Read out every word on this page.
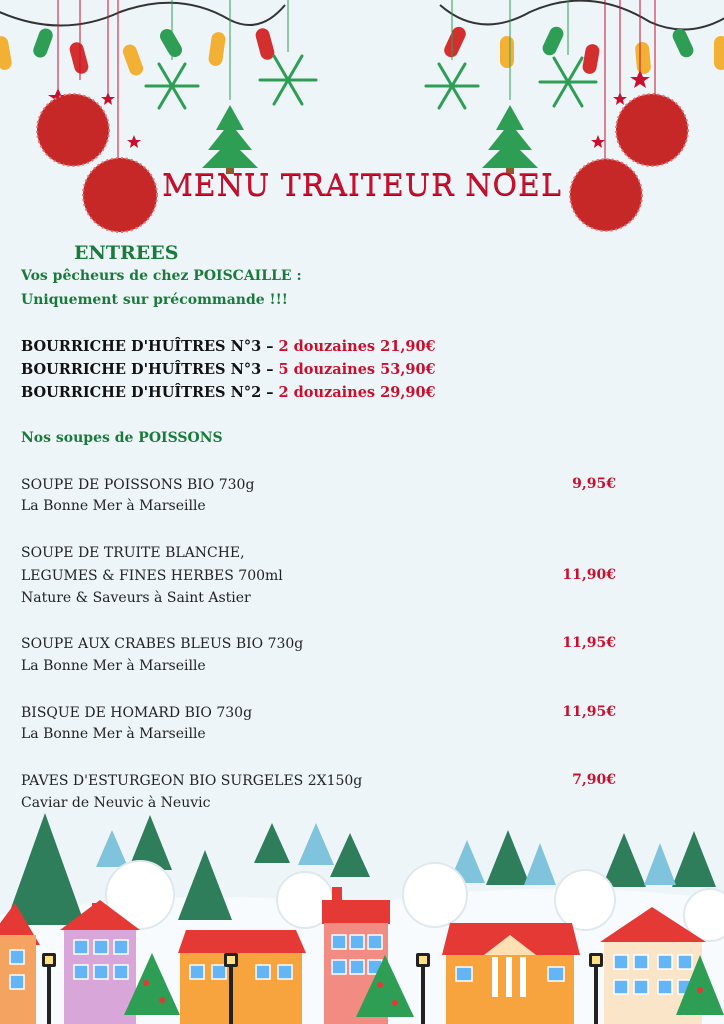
MENU TRAITEUR NOEL
ENTREES
Vos pêcheurs de chez POISCAILLE :
Uniquement sur précommande !!!
BOURRICHE D'HUÎTRES N°3 – 2 douzaines 21,90€
BOURRICHE D'HUÎTRES N°3 – 5 douzaines 53,90€
BOURRICHE D'HUÎTRES N°2 – 2 douzaines 29,90€
Nos soupes de POISSONS
SOUPE DE POISSONS BIO 730g
La Bonne Mer à Marseille
9,95€
SOUPE DE TRUITE BLANCHE,
LEGUMES & FINES HERBES 700ml
Nature & Saveurs à Saint Astier
11,90€
SOUPE AUX CRABES BLEUS BIO 730g
La Bonne Mer à Marseille
11,95€
BISQUE DE HOMARD BIO 730g
La Bonne Mer à Marseille
11,95€
PAVES D'ESTURGEON BIO SURGELES 2X150g
Caviar de Neuvic à Neuvic
7,90€
